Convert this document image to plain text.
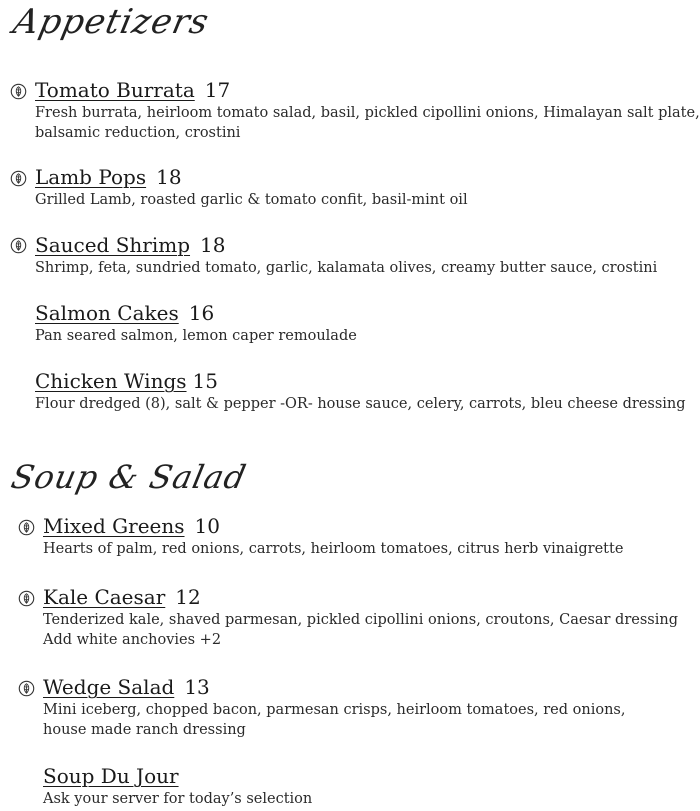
Appetizers
Tomato Burrata 17
Fresh burrata, heirloom tomato salad, basil, pickled cipollini onions, Himalayan salt plate,
balsamic reduction, crostini
Lamb Pops 18
Grilled Lamb, roasted garlic & tomato confit, basil-mint oil
Sauced Shrimp 18
Shrimp, feta, sundried tomato, garlic, kalamata olives, creamy butter sauce, crostini
Salmon Cakes 16
Pan seared salmon, lemon caper remoulade
Chicken Wings 15
Flour dredged (8), salt & pepper -OR- house sauce, celery, carrots, bleu cheese dressing
Soup & Salad
Mixed Greens 10
Hearts of palm, red onions, carrots, heirloom tomatoes, citrus herb vinaigrette
Kale Caesar 12
Tenderized kale, shaved parmesan, pickled cipollini onions, croutons, Caesar dressing
Add white anchovies +2
Wedge Salad 13
Mini iceberg, chopped bacon, parmesan crisps, heirloom tomatoes, red onions,
house made ranch dressing
Soup Du Jour
Ask your server for today’s selection
